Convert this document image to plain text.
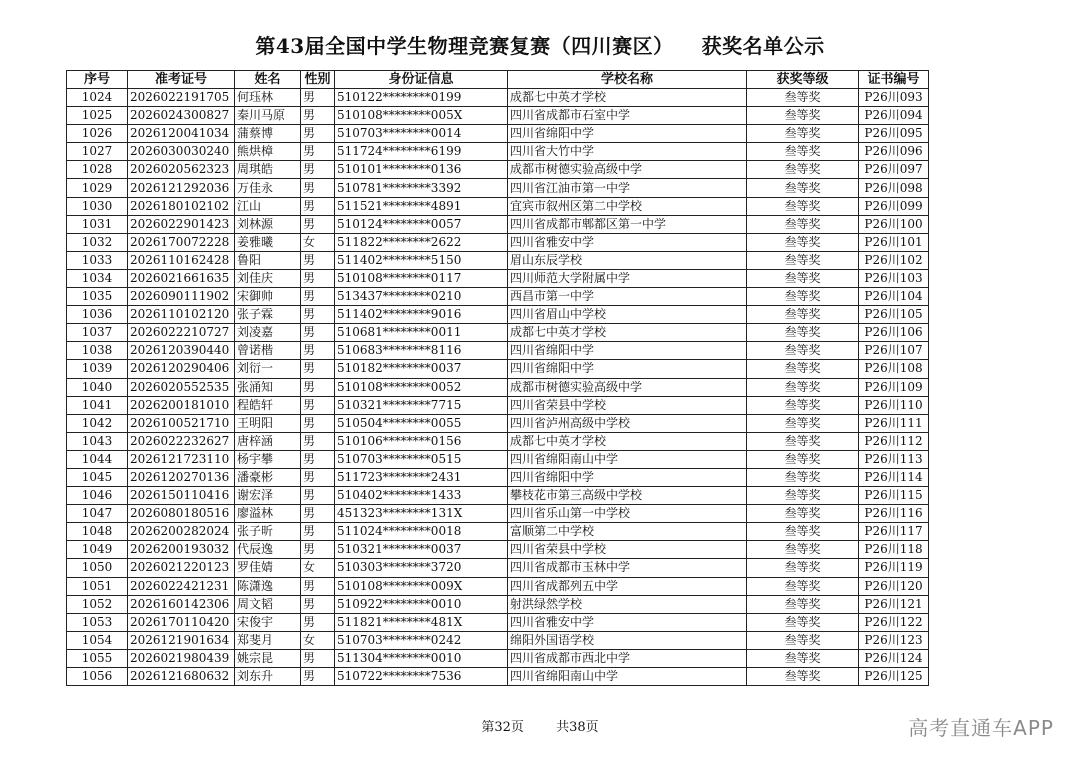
第43届全国中学生物理竞赛复赛（四川赛区） 获奖名单公示
序号	准考证号	姓名	性别	身份证信息	学校名称	获奖等级	证书编号
1024	2026022191705	何珏林	男	510122********0199	成都七中英才学校	叁等奖	P26川093
1025	2026024300827	秦川马原	男	510108********005X	四川省成都市石室中学	叁等奖	P26川094
1026	2026120041034	蒲蔡博	男	510703********0014	四川省绵阳中学	叁等奖	P26川095
1027	2026030030240	熊烘樟	男	511724********6199	四川省大竹中学	叁等奖	P26川096
1028	2026020562323	周琪皓	男	510101********0136	成都市树德实验高级中学	叁等奖	P26川097
1029	2026121292036	万佳永	男	510781********3392	四川省江油市第一中学	叁等奖	P26川098
1030	2026180102102	江山	男	511521********4891	宜宾市叙州区第二中学校	叁等奖	P26川099
1031	2026022901423	刘林源	男	510124********0057	四川省成都市郫都区第一中学	叁等奖	P26川100
1032	2026170072228	姜雅曦	女	511822********2622	四川省雅安中学	叁等奖	P26川101
1033	2026110162428	鲁阳	男	511402********5150	眉山东辰学校	叁等奖	P26川102
1034	2026021661635	刘佳庆	男	510108********0117	四川师范大学附属中学	叁等奖	P26川103
1035	2026090111902	宋御帅	男	513437********0210	西昌市第一中学	叁等奖	P26川104
1036	2026110102120	张子霖	男	511402********9016	四川省眉山中学校	叁等奖	P26川105
1037	2026022210727	刘凌嘉	男	510681********0011	成都七中英才学校	叁等奖	P26川106
1038	2026120390440	曾诺楷	男	510683********8116	四川省绵阳中学	叁等奖	P26川107
1039	2026120290406	刘衍一	男	510182********0037	四川省绵阳中学	叁等奖	P26川108
1040	2026020552535	张涌知	男	510108********0052	成都市树德实验高级中学	叁等奖	P26川109
1041	2026200181010	程皓轩	男	510321********7715	四川省荣县中学校	叁等奖	P26川110
1042	2026100521710	王明阳	男	510504********0055	四川省泸州高级中学校	叁等奖	P26川111
1043	2026022232627	唐梓涵	男	510106********0156	成都七中英才学校	叁等奖	P26川112
1044	2026121723110	杨宇攀	男	510703********0515	四川省绵阳南山中学	叁等奖	P26川113
1045	2026120270136	潘豪彬	男	511723********2431	四川省绵阳中学	叁等奖	P26川114
1046	2026150110416	谢宏泽	男	510402********1433	攀枝花市第三高级中学校	叁等奖	P26川115
1047	2026080180516	廖溢林	男	451323********131X	四川省乐山第一中学校	叁等奖	P26川116
1048	2026200282024	张子昕	男	511024********0018	富顺第二中学校	叁等奖	P26川117
1049	2026200193032	代辰逸	男	510321********0037	四川省荣县中学校	叁等奖	P26川118
1050	2026021220123	罗佳婧	女	510303********3720	四川省成都市玉林中学	叁等奖	P26川119
1051	2026022421231	陈潇逸	男	510108********009X	四川省成都列五中学	叁等奖	P26川120
1052	2026160142306	周文韬	男	510922********0010	射洪绿然学校	叁等奖	P26川121
1053	2026170110420	宋俊宇	男	511821********481X	四川省雅安中学	叁等奖	P26川122
1054	2026121901634	郑斐月	女	510703********0242	绵阳外国语学校	叁等奖	P26川123
1055	2026021980439	姚宗昆	男	511304********0010	四川省成都市西北中学	叁等奖	P26川124
1056	2026121680632	刘东升	男	510722********7536	四川省绵阳南山中学	叁等奖	P26川125
第32页 共38页	高考直通车APP
